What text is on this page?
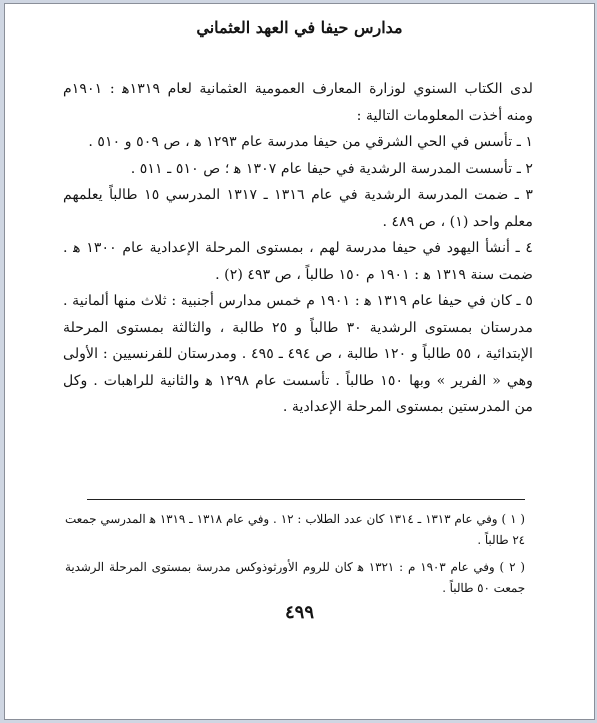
مدارس حيفا في العهد العثماني

لدى الكتاب السنوي لوزارة المعارف العمومية العثمانية لعام ١٣١٩ﻫ : ١٩٠١م ومنه أخذت المعلومات التالية :

١ ـ تأسس في الحي الشرقي من حيفا مدرسة عام ١٢٩٣ ﻫ ، ص ٥٠٩ و ٥١٠ .

٢ ـ تأسست المدرسة الرشدية في حيفا عام ١٣٠٧ ﻫ ؛ ص ٥١٠ ـ ٥١١ .

٣ ـ ضمت المدرسة الرشدية في عام ١٣١٦ ـ ١٣١٧ المدرسي ١٥ طالباً يعلمهم معلم واحد (١) ، ص ٤٨٩ .

٤ ـ أنشأ اليهود في حيفا مدرسة لهم ، بمستوى المرحلة الإعدادية عام ١٣٠٠ ﻫ . ضمت سنة ١٣١٩ ﻫ : ١٩٠١ م ١٥٠ طالباً ، ص ٤٩٣ (٢) .

٥ ـ كان في حيفا عام ١٣١٩ ﻫ : ١٩٠١ م خمس مدارس أجنبية : ثلاث منها ألمانية . مدرستان بمستوى الرشدية ٣٠ طالباً و ٢٥ طالبة ، والثالثة بمستوى المرحلة الإبتدائية ، ٥٥ طالباً و ١٢٠ طالبة ، ص ٤٩٤ ـ ٤٩٥ . ومدرستان للفرنسيين : الأولى وهي « الفرير » وبها ١٥٠ طالباً . تأسست عام ١٢٩٨ ﻫ والثانية للراهبات . وكل من المدرستين بمستوى المرحلة الإعدادية .

( ١ ) وفي عام ١٣١٣ ـ ١٣١٤ كان عدد الطلاب : ١٢ . وفي عام ١٣١٨ ـ ١٣١٩ ﻫ المدرسي جمعت ٢٤ طالباً .

( ٢ ) وفي عام ١٩٠٣ م : ١٣٢١ ﻫ كان للروم الأورثوذوكس مدرسة بمستوى المرحلة الرشدية جمعت ٥٠ طالباً .

٤٩٩
